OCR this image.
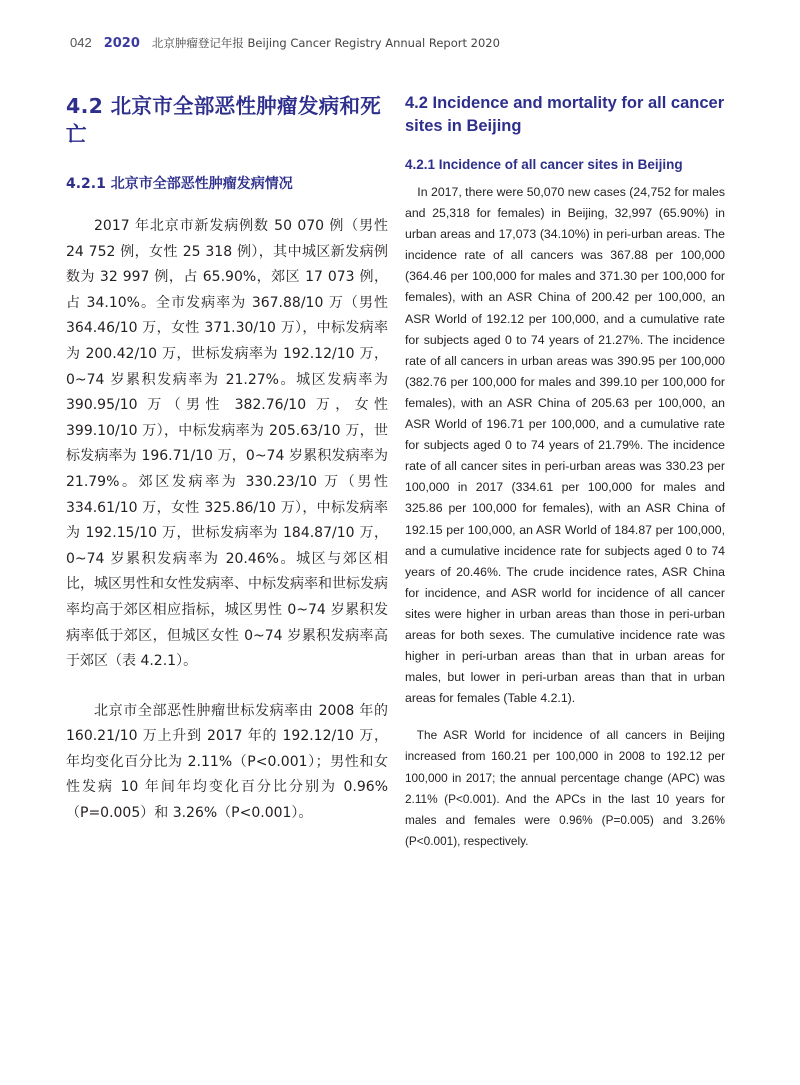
042 2020 北京肿瘤登记年报 Beijing Cancer Registry Annual Report 2020
4.2 北京市全部恶性肿瘤发病和死亡
4.2.1 北京市全部恶性肿瘤发病情况

2017 年北京市新发病例数 50 070 例（男性 24 752 例，女性 25 318 例），其中城区新发病例数为 32 997 例，占 65.90%，郊区 17 073 例，占 34.10%。全市发病率为 367.88/10 万（男性 364.46/10 万，女性 371.30/10 万），中标发病率为 200.42/10 万，世标发病率为 192.12/10 万，0~74 岁累积发病率为 21.27%。城区发病率为 390.95/10 万（男性 382.76/10 万，女性 399.10/10 万），中标发病率为 205.63/10 万，世标发病率为 196.71/10 万，0~74 岁累积发病率为 21.79%。郊区发病率为 330.23/10 万（男性 334.61/10 万，女性 325.86/10 万），中标发病率为 192.15/10 万，世标发病率为 184.87/10 万，0~74 岁累积发病率为 20.46%。城区与郊区相比，城区男性和女性发病率、中标发病率和世标发病率均高于郊区相应指标，城区男性 0~74 岁累积发病率低于郊区，但城区女性 0~74 岁累积发病率高于郊区（表 4.2.1）。

北京市全部恶性肿瘤世标发病率由 2008 年的 160.21/10 万上升到 2017 年的 192.12/10 万，年均变化百分比为 2.11%（P<0.001）；男性和女性发病 10 年间年均变化百分比分别为 0.96%（P=0.005）和 3.26%（P<0.001）。

4.2 Incidence and mortality for all cancer sites in Beijing
4.2.1 Incidence of all cancer sites in Beijing

In 2017, there were 50,070 new cases (24,752 for males and 25,318 for females) in Beijing, 32,997 (65.90%) in urban areas and 17,073 (34.10%) in peri-urban areas. The incidence rate of all cancers was 367.88 per 100,000 (364.46 per 100,000 for males and 371.30 per 100,000 for females), with an ASR China of 200.42 per 100,000, an ASR World of 192.12 per 100,000, and a cumulative rate for subjects aged 0 to 74 years of 21.27%. The incidence rate of all cancers in urban areas was 390.95 per 100,000 (382.76 per 100,000 for males and 399.10 per 100,000 for females), with an ASR China of 205.63 per 100,000, an ASR World of 196.71 per 100,000, and a cumulative rate for subjects aged 0 to 74 years of 21.79%. The incidence rate of all cancer sites in peri-urban areas was 330.23 per 100,000 in 2017 (334.61 per 100,000 for males and 325.86 per 100,000 for females), with an ASR China of 192.15 per 100,000, an ASR World of 184.87 per 100,000, and a cumulative incidence rate for subjects aged 0 to 74 years of 20.46%. The crude incidence rates, ASR China for incidence, and ASR world for incidence of all cancer sites were higher in urban areas than those in peri-urban areas for both sexes. The cumulative incidence rate was higher in peri-urban areas than that in urban areas for males, but lower in peri-urban areas than that in urban areas for females (Table 4.2.1).

The ASR World for incidence of all cancers in Beijing increased from 160.21 per 100,000 in 2008 to 192.12 per 100,000 in 2017; the annual percentage change (APC) was 2.11% (P<0.001). And the APCs in the last 10 years for males and females were 0.96% (P=0.005) and 3.26% (P<0.001), respectively.
